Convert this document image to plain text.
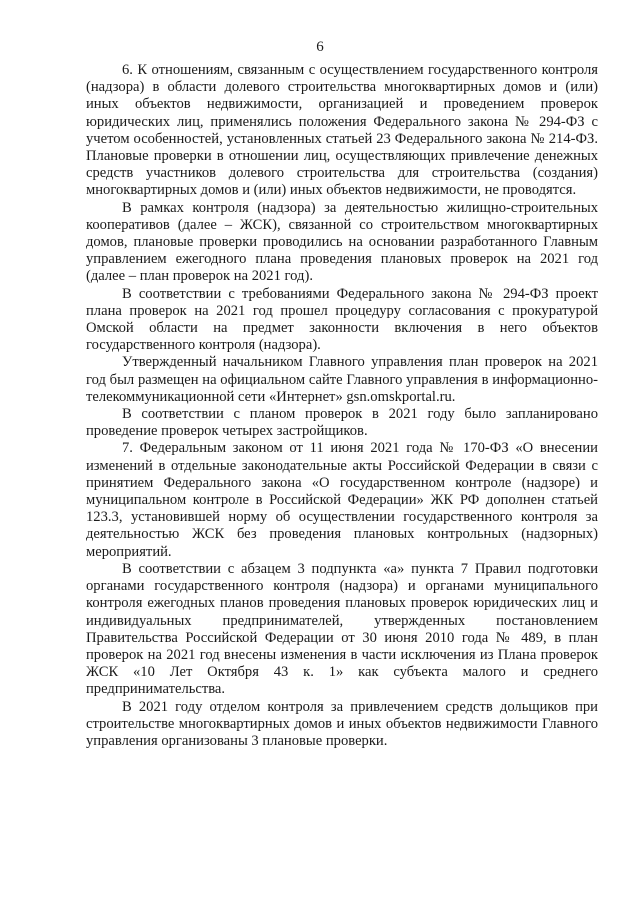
6

6. К отношениям, связанным с осуществлением государственного контроля (надзора) в области долевого строительства многоквартирных домов и (или) иных объектов недвижимости, организацией и проведением проверок юридических лиц, применялись положения Федерального закона № 294-ФЗ с учетом особенностей, установленных статьей 23 Федерального закона № 214-ФЗ. Плановые проверки в отношении лиц, осуществляющих привлечение денежных средств участников долевого строительства для строительства (создания) многоквартирных домов и (или) иных объектов недвижимости, не проводятся.

В рамках контроля (надзора) за деятельностью жилищно-строительных кооперативов (далее – ЖСК), связанной со строительством многоквартирных домов, плановые проверки проводились на основании разработанного Главным управлением ежегодного плана проведения плановых проверок на 2021 год (далее – план проверок на 2021 год).

В соответствии с требованиями Федерального закона № 294-ФЗ проект плана проверок на 2021 год прошел процедуру согласования с прокуратурой Омской области на предмет законности включения в него объектов государственного контроля (надзора).

Утвержденный начальником Главного управления план проверок на 2021 год был размещен на официальном сайте Главного управления в информационно-телекоммуникационной сети «Интернет» gsn.omskportal.ru.

В соответствии с планом проверок в 2021 году было запланировано проведение проверок четырех застройщиков.

7. Федеральным законом от 11 июня 2021 года № 170-ФЗ «О внесении изменений в отдельные законодательные акты Российской Федерации в связи с принятием Федерального закона «О государственном контроле (надзоре) и муниципальном контроле в Российской Федерации» ЖК РФ дополнен статьей 123.3, установившей норму об осуществлении государственного контроля за деятельностью ЖСК без проведения плановых контрольных (надзорных) мероприятий.

В соответствии с абзацем 3 подпункта «а» пункта 7 Правил подготовки органами государственного контроля (надзора) и органами муниципального контроля ежегодных планов проведения плановых проверок юридических лиц и индивидуальных предпринимателей, утвержденных постановлением Правительства Российской Федерации от 30 июня 2010 года № 489, в план проверок на 2021 год внесены изменения в части исключения из Плана проверок ЖСК «10 Лет Октября 43 к. 1» как субъекта малого и среднего предпринимательства.

В 2021 году отделом контроля за привлечением средств дольщиков при строительстве многоквартирных домов и иных объектов недвижимости Главного управления организованы 3 плановые проверки.
